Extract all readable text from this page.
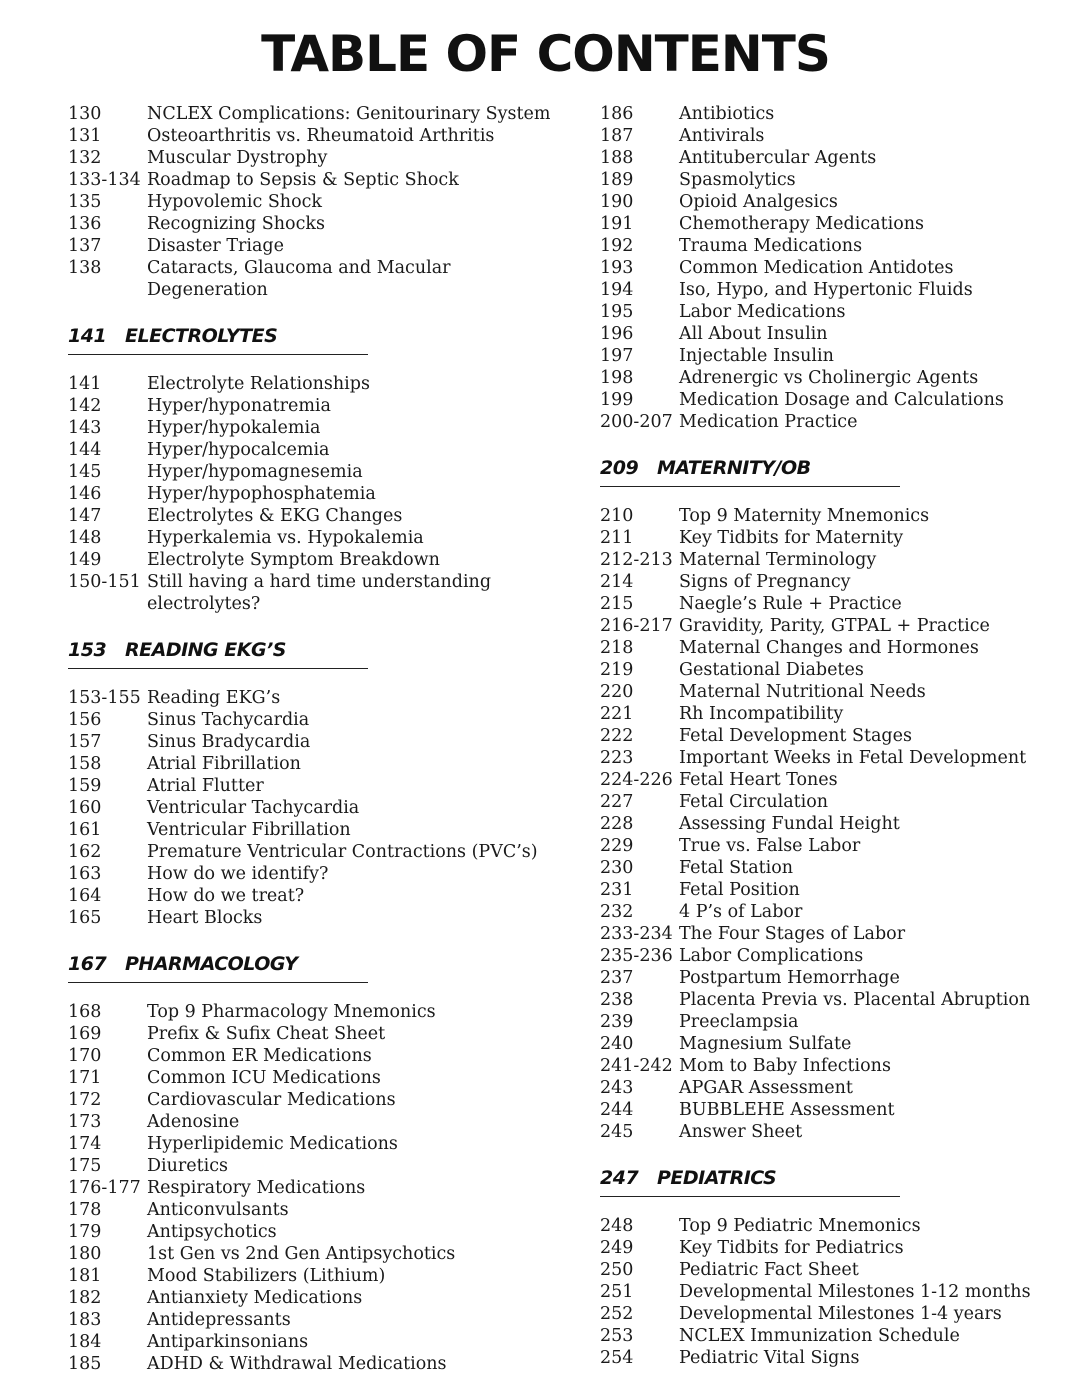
TABLE OF CONTENTS
130	NCLEX Complications: Genitourinary System
131	Osteoarthritis vs. Rheumatoid Arthritis
132	Muscular Dystrophy
133-134 Roadmap to Sepsis & Septic Shock
135	Hypovolemic Shock
136	Recognizing Shocks
137	Disaster Triage
138	Cataracts, Glaucoma and Macular Degeneration
141 ELECTROLYTES
141	Electrolyte Relationships
142	Hyper/hyponatremia
143	Hyper/hypokalemia
144	Hyper/hypocalcemia
145	Hyper/hypomagnesemia
146	Hyper/hypophosphatemia
147	Electrolytes & EKG Changes
148	Hyperkalemia vs. Hypokalemia
149	Electrolyte Symptom Breakdown
150-151 Still having a hard time understanding electrolytes?
153 READING EKG’S
153-155 Reading EKG’s
156	Sinus Tachycardia
157	Sinus Bradycardia
158	Atrial Fibrillation
159	Atrial Flutter
160	Ventricular Tachycardia
161	Ventricular Fibrillation
162	Premature Ventricular Contractions (PVC’s)
163	How do we identify?
164	How do we treat?
165	Heart Blocks
167 PHARMACOLOGY
168	Top 9 Pharmacology Mnemonics
169	Prefix & Sufix Cheat Sheet
170	Common ER Medications
171	Common ICU Medications
172	Cardiovascular Medications
173	Adenosine
174	Hyperlipidemic Medications
175	Diuretics
176-177 Respiratory Medications
178	Anticonvulsants
179	Antipsychotics
180	1st Gen vs 2nd Gen Antipsychotics
181	Mood Stabilizers (Lithium)
182	Antianxiety Medications
183	Antidepressants
184	Antiparkinsonians
185	ADHD & Withdrawal Medications
186	Antibiotics
187	Antivirals
188	Antitubercular Agents
189	Spasmolytics
190	Opioid Analgesics
191	Chemotherapy Medications
192	Trauma Medications
193	Common Medication Antidotes
194	Iso, Hypo, and Hypertonic Fluids
195	Labor Medications
196	All About Insulin
197	Injectable Insulin
198	Adrenergic vs Cholinergic Agents
199	Medication Dosage and Calculations
200-207 Medication Practice
209 MATERNITY/OB
210	Top 9 Maternity Mnemonics
211	Key Tidbits for Maternity
212-213 Maternal Terminology
214	Signs of Pregnancy
215	Naegle’s Rule + Practice
216-217 Gravidity, Parity, GTPAL + Practice
218	Maternal Changes and Hormones
219	Gestational Diabetes
220	Maternal Nutritional Needs
221	Rh Incompatibility
222	Fetal Development Stages
223	Important Weeks in Fetal Development
224-226 Fetal Heart Tones
227	Fetal Circulation
228	Assessing Fundal Height
229	True vs. False Labor
230	Fetal Station
231	Fetal Position
232	4 P’s of Labor
233-234 The Four Stages of Labor
235-236 Labor Complications
237	Postpartum Hemorrhage
238	Placenta Previa vs. Placental Abruption
239	Preeclampsia
240	Magnesium Sulfate
241-242 Mom to Baby Infections
243	APGAR Assessment
244	BUBBLEHE Assessment
245	Answer Sheet
247 PEDIATRICS
248	Top 9 Pediatric Mnemonics
249	Key Tidbits for Pediatrics
250	Pediatric Fact Sheet
251	Developmental Milestones 1-12 months
252	Developmental Milestones 1-4 years
253	NCLEX Immunization Schedule
254	Pediatric Vital Signs
